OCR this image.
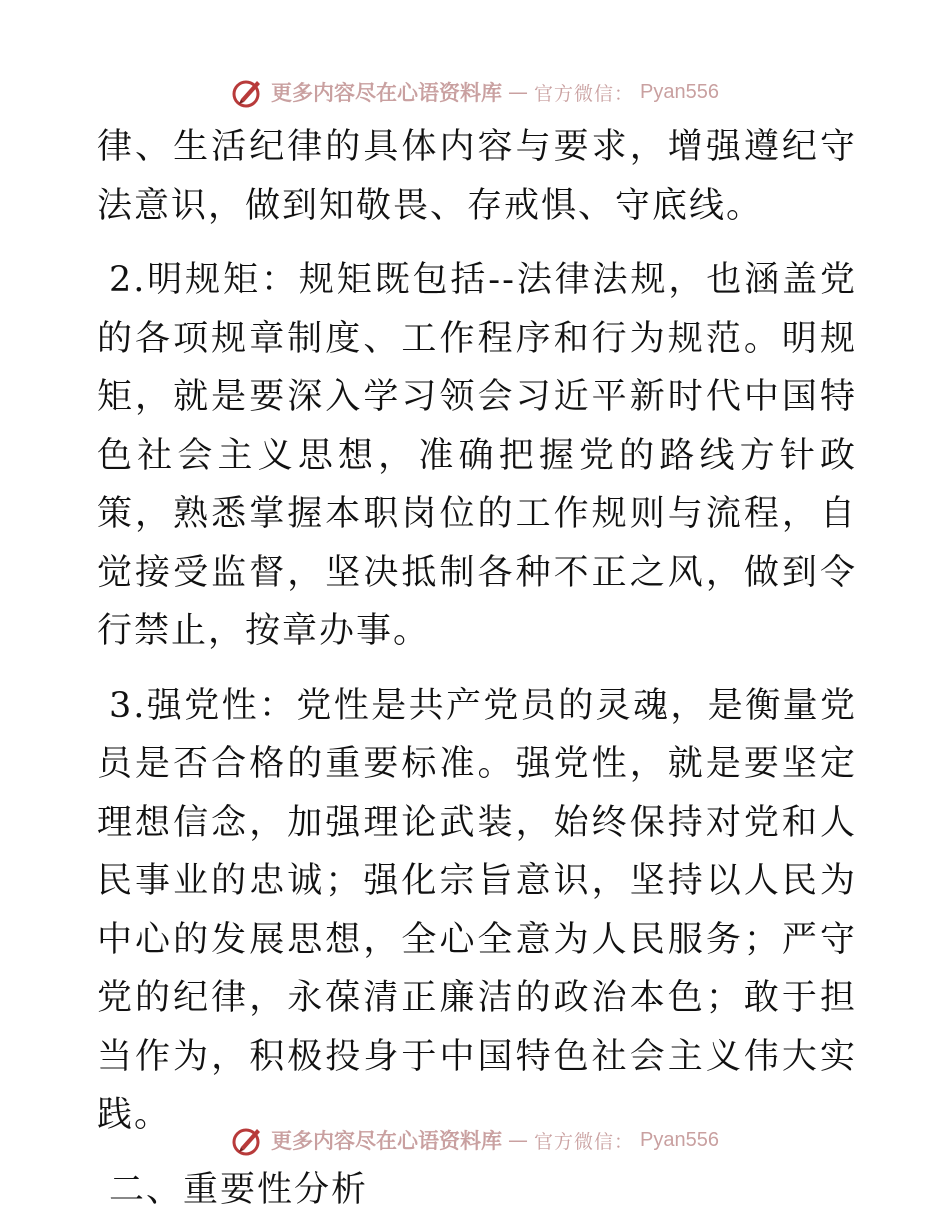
更多内容尽在心语资料库 — 官方微信： Pyan556

律、生活纪律的具体内容与要求，增强遵纪守法意识，做到知敬畏、存戒惧、守底线。

2.明规矩：规矩既包括--法律法规，也涵盖党的各项规章制度、工作程序和行为规范。明规矩，就是要深入学习领会习近平新时代中国特色社会主义思想，准确把握党的路线方针政策，熟悉掌握本职岗位的工作规则与流程，自觉接受监督，坚决抵制各种不正之风，做到令行禁止，按章办事。

3.强党性：党性是共产党员的灵魂，是衡量党员是否合格的重要标准。强党性，就是要坚定理想信念，加强理论武装，始终保持对党和人民事业的忠诚；强化宗旨意识，坚持以人民为中心的发展思想，全心全意为人民服务；严守党的纪律，永葆清正廉洁的政治本色；敢于担当作为，积极投身于中国特色社会主义伟大实践。

二、重要性分析

更多内容尽在心语资料库 — 官方微信： Pyan556
